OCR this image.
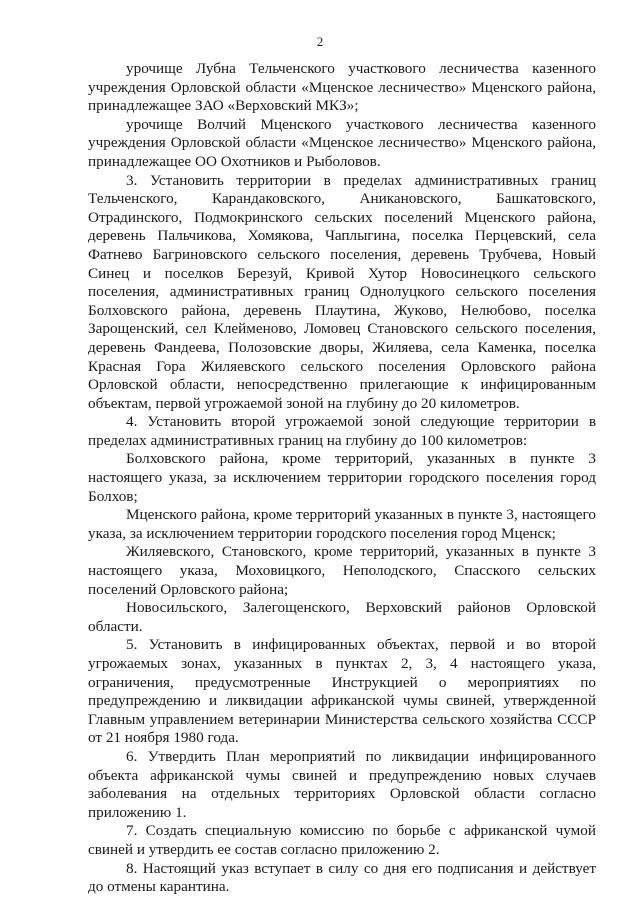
2

урочище Лубна Тельченского участкового лесничества казенного учреждения Орловской области «Мценское лесничество» Мценского района, принадлежащее ЗАО «Верховский МКЗ»;

урочище Волчий Мценского участкового лесничества казенного учреждения Орловской области «Мценское лесничество» Мценского района, принадлежащее ОО Охотников и Рыболовов.

3. Установить территории в пределах административных границ Тельченского, Карандаковского, Аникановского, Башкатовского, Отрадинского, Подмокринского сельских поселений Мценского района, деревень Пальчикова, Хомякова, Чаплыгина, поселка Перцевский, села Фатнево Багриновского сельского поселения, деревень Трубчева, Новый Синец и поселков Березуй, Кривой Хутор Новосинецкого сельского поселения, административных границ Однолуцкого сельского поселения Болховского района, деревень Плаутина, Жуково, Нелюбово, поселка Зарощенский, сел Клейменово, Ломовец Становского сельского поселения, деревень Фандеева, Полозовские дворы, Жиляева, села Каменка, поселка Красная Гора Жиляевского сельского поселения Орловского района Орловской области, непосредственно прилегающие к инфицированным объектам, первой угрожаемой зоной на глубину до 20 километров.

4. Установить второй угрожаемой зоной следующие территории в пределах административных границ на глубину до 100 километров:

Болховского района, кроме территорий, указанных в пункте 3 настоящего указа, за исключением территории городского поселения город Болхов;

Мценского района, кроме территорий указанных в пункте 3, настоящего указа, за исключением территории городского поселения город Мценск;

Жиляевского, Становского, кроме территорий, указанных в пункте 3 настоящего указа, Моховицкого, Неполодского, Спасского сельских поселений Орловского района;

Новосильского, Залегощенского, Верховский районов Орловской области.

5. Установить в инфицированных объектах, первой и во второй угрожаемых зонах, указанных в пунктах 2, 3, 4 настоящего указа, ограничения, предусмотренные Инструкцией о мероприятиях по предупреждению и ликвидации африканской чумы свиней, утвержденной Главным управлением ветеринарии Министерства сельского хозяйства СССР от 21 ноября 1980 года.

6. Утвердить План мероприятий по ликвидации инфицированного объекта африканской чумы свиней и предупреждению новых случаев заболевания на отдельных территориях Орловской области согласно приложению 1.

7. Создать специальную комиссию по борьбе с африканской чумой свиней и утвердить ее состав согласно приложению 2.

8. Настоящий указ вступает в силу со дня его подписания и действует до отмены карантина.
